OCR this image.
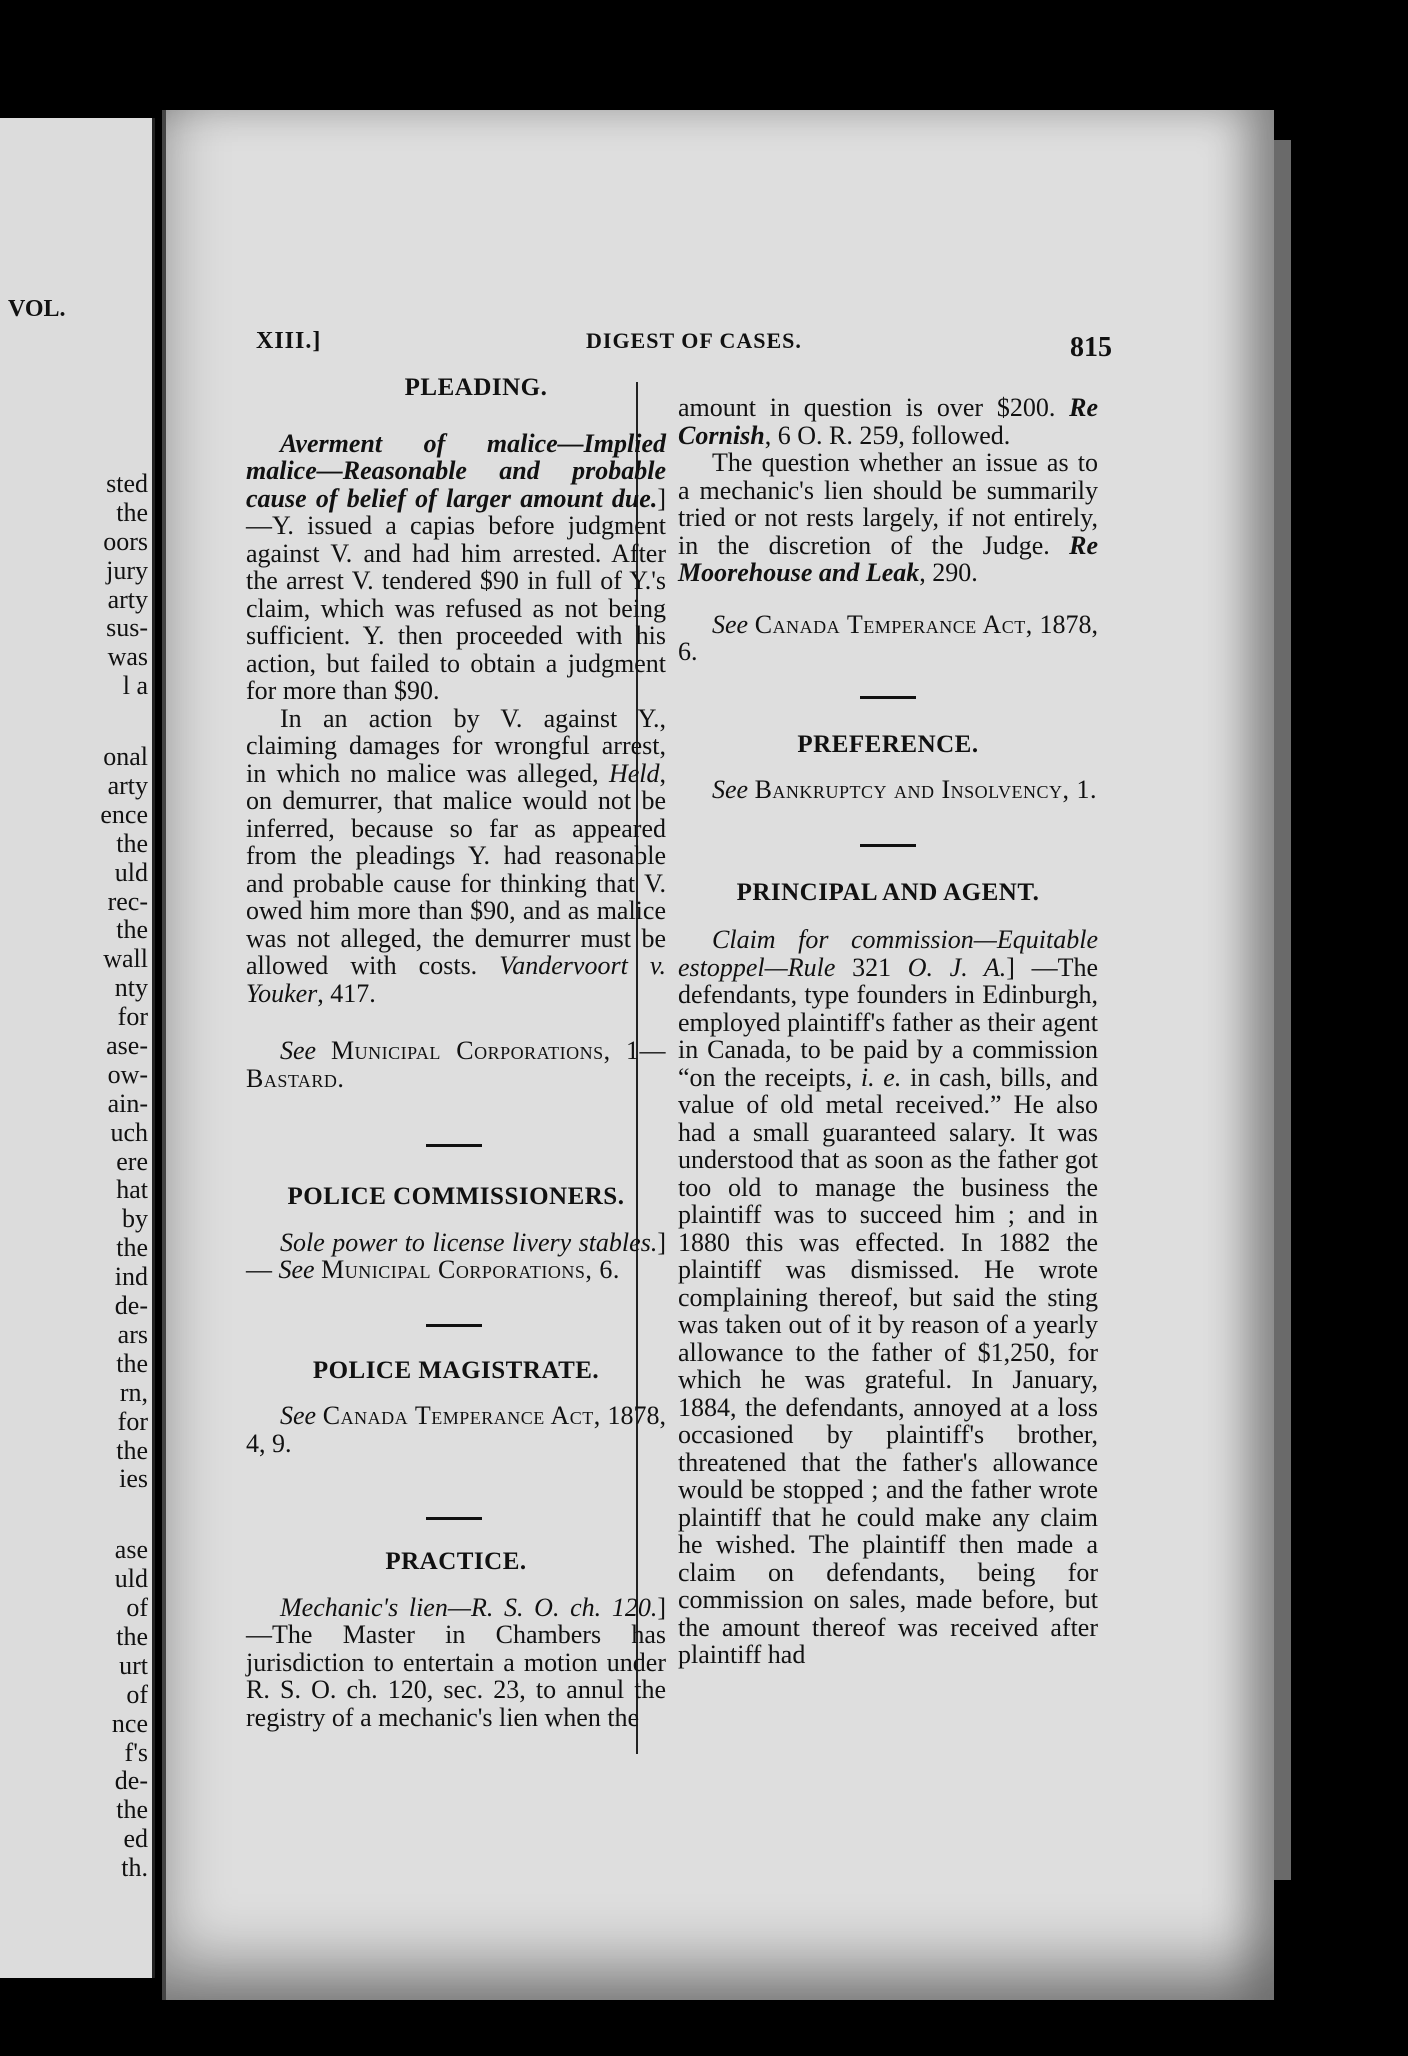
VOL.
sted
the
oors
jury
arty
sus-
was
l a
onal
arty
ence
the
uld
rec-
the
wall
nty
for
ase-
ow-
ain-
uch
ere
hat
by
the
ind
de-
ars
the
rn,
for
the
ies
ase
uld
of
the
urt
of
nce
f's
de-
the
ed
th.
XIII.]	DIGEST OF CASES.	815
PLEADING.

Averment of malice—Implied malice—Reasonable and probable cause of belief of larger amount due.]—Y. issued a capias before judgment against V. and had him arrested. After the arrest V. tendered $90 in full of Y.'s claim, which was refused as not being sufficient. Y. then proceeded with his action, but failed to obtain a judgment for more than $90.

In an action by V. against Y., claiming damages for wrongful arrest, in which no malice was alleged, Held, on demurrer, that malice would not be inferred, because so far as appeared from the pleadings Y. had reasonable and probable cause for thinking that V. owed him more than $90, and as malice was not alleged, the demurrer must be allowed with costs. Vandervoort v. Youker, 417.

See Municipal Corporations, 1—Bastard.

POLICE COMMISSIONERS.

Sole power to license livery stables.] — See Municipal Corporations, 6.

POLICE MAGISTRATE.

See Canada Temperance Act, 1878, 4, 9.

PRACTICE.

Mechanic's lien—R. S. O. ch. 120.]—The Master in Chambers has jurisdiction to entertain a motion under R. S. O. ch. 120, sec. 23, to annul the registry of a mechanic's lien when the

amount in question is over $200. Re Cornish, 6 O. R. 259, followed.

The question whether an issue as to a mechanic's lien should be summarily tried or not rests largely, if not entirely, in the discretion of the Judge. Re Moorehouse and Leak, 290.

See Canada Temperance Act, 1878, 6.

PREFERENCE.

See Bankruptcy and Insolvency, 1.

PRINCIPAL AND AGENT.

Claim for commission—Equitable estoppel—Rule 321 O. J. A.] —The defendants, type founders in Edinburgh, employed plaintiff's father as their agent in Canada, to be paid by a commission “on the receipts, i. e. in cash, bills, and value of old metal received.” He also had a small guaranteed salary. It was understood that as soon as the father got too old to manage the business the plaintiff was to succeed him ; and in 1880 this was effected. In 1882 the plaintiff was dismissed. He wrote complaining thereof, but said the sting was taken out of it by reason of a yearly allowance to the father of $1,250, for which he was grateful. In January, 1884, the defendants, annoyed at a loss occasioned by plaintiff's brother, threatened that the father's allowance would be stopped ; and the father wrote plaintiff that he could make any claim he wished. The plaintiff then made a claim on defendants, being for commission on sales, made before, but the amount thereof was received after plaintiff had
